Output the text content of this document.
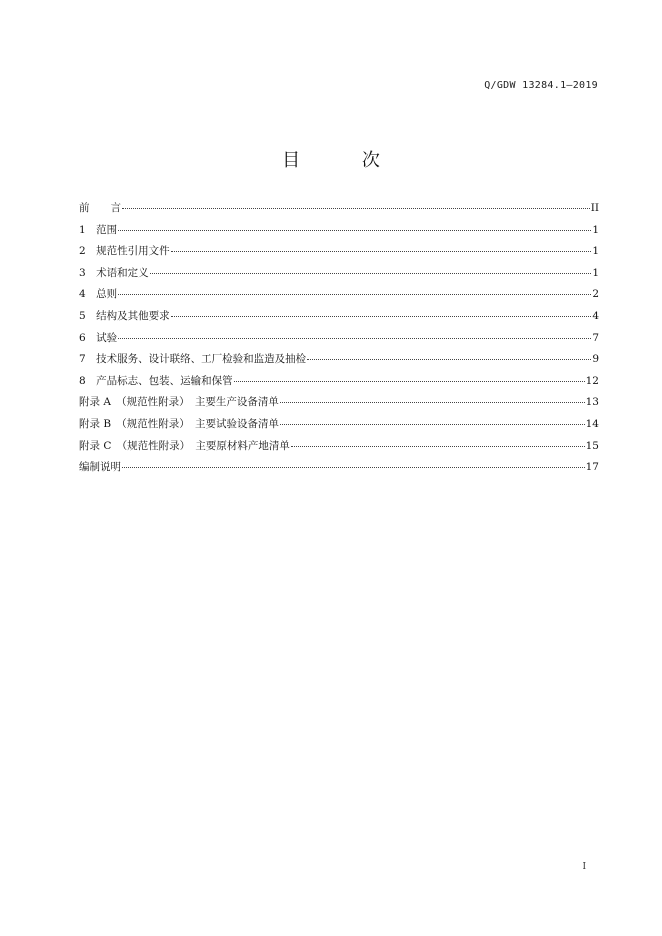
Q/GDW 13284.1—2019
目 次
前　　言	II
1　范围	1
2　规范性引用文件	1
3　术语和定义	1
4　总则	2
5　结构及其他要求	4
6　试验	7
7　技术服务、设计联络、工厂检验和监造及抽检	9
8　产品标志、包装、运输和保管	12
附录 A　（规范性附录）　主要生产设备清单	13
附录 B　（规范性附录）　主要试验设备清单	14
附录 C　（规范性附录）　主要原材料产地清单	15
编制说明	17
I
